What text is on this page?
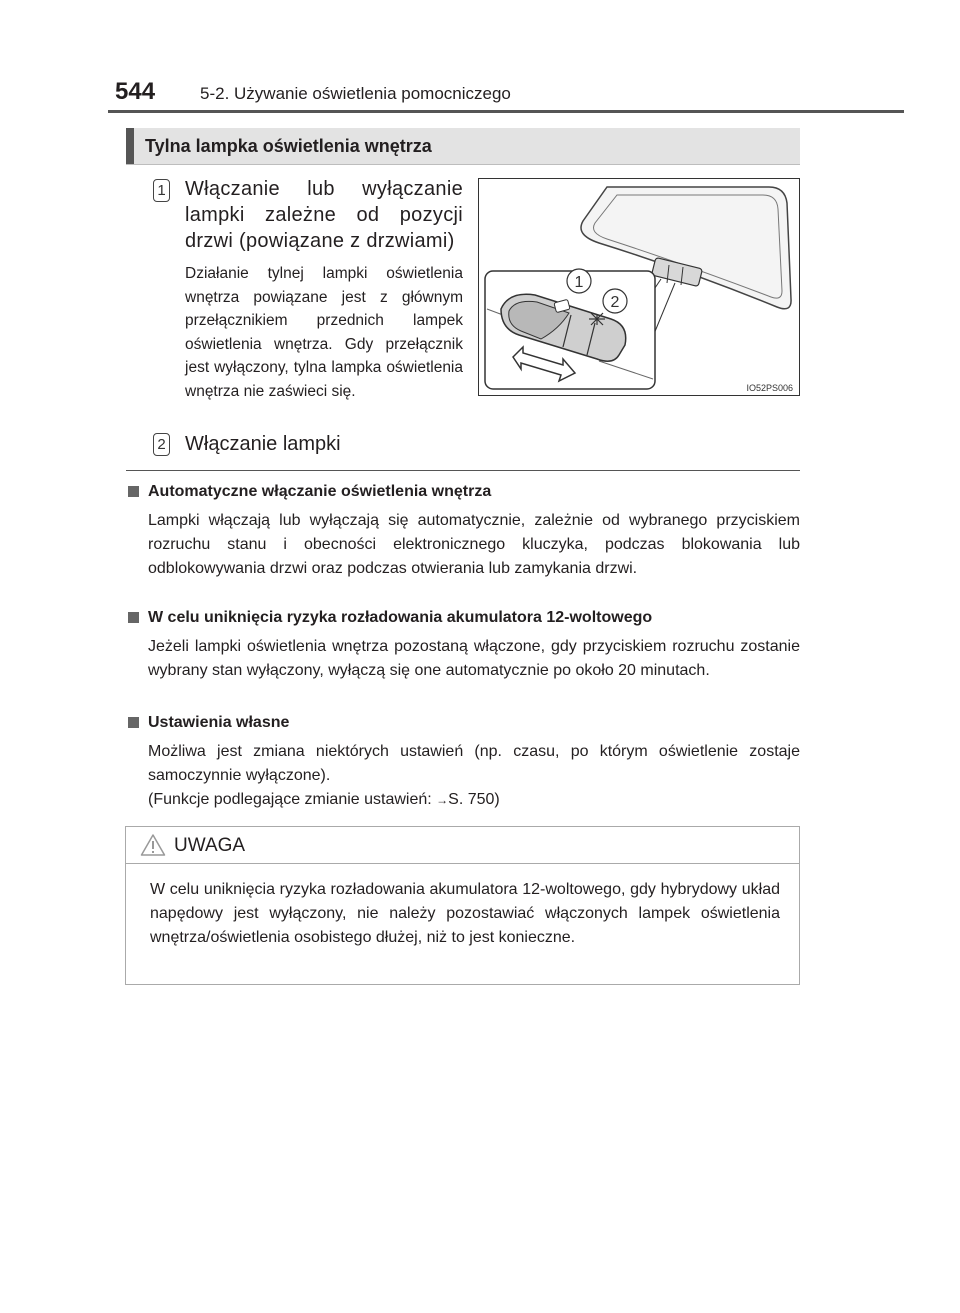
544	5-2. Używanie oświetlenia pomocniczego
Tylna lampka oświetlenia wnętrza
1 Włączanie lub wyłączanie lampki zależne od pozycji drzwi (powiązane z drzwiami)
Działanie tylnej lampki oświetlenia wnętrza powiązane jest z głównym przełącznikiem przednich lampek oświetlenia wnętrza. Gdy przełącznik jest wyłączony, tylna lampka oświetlenia wnętrza nie zaświeci się.
2 Włączanie lampki
1
2
IO52PS006
Automatyczne włączanie oświetlenia wnętrza
Lampki włączają lub wyłączają się automatycznie, zależnie od wybranego przyciskiem rozruchu stanu i obecności elektronicznego kluczyka, podczas blokowania lub odblokowywania drzwi oraz podczas otwierania lub zamykania drzwi.
W celu uniknięcia ryzyka rozładowania akumulatora 12-woltowego
Jeżeli lampki oświetlenia wnętrza pozostaną włączone, gdy przyciskiem rozruchu zostanie wybrany stan wyłączony, wyłączą się one automatycznie po około 20 minutach.
Ustawienia własne
Możliwa jest zmiana niektórych ustawień (np. czasu, po którym oświetlenie zostaje samoczynnie wyłączone).
(Funkcje podlegające zmianie ustawień: →S. 750)
UWAGA
W celu uniknięcia ryzyka rozładowania akumulatora 12-woltowego, gdy hybrydowy układ napędowy jest wyłączony, nie należy pozostawiać włączonych lampek oświetlenia wnętrza/oświetlenia osobistego dłużej, niż to jest konieczne.
